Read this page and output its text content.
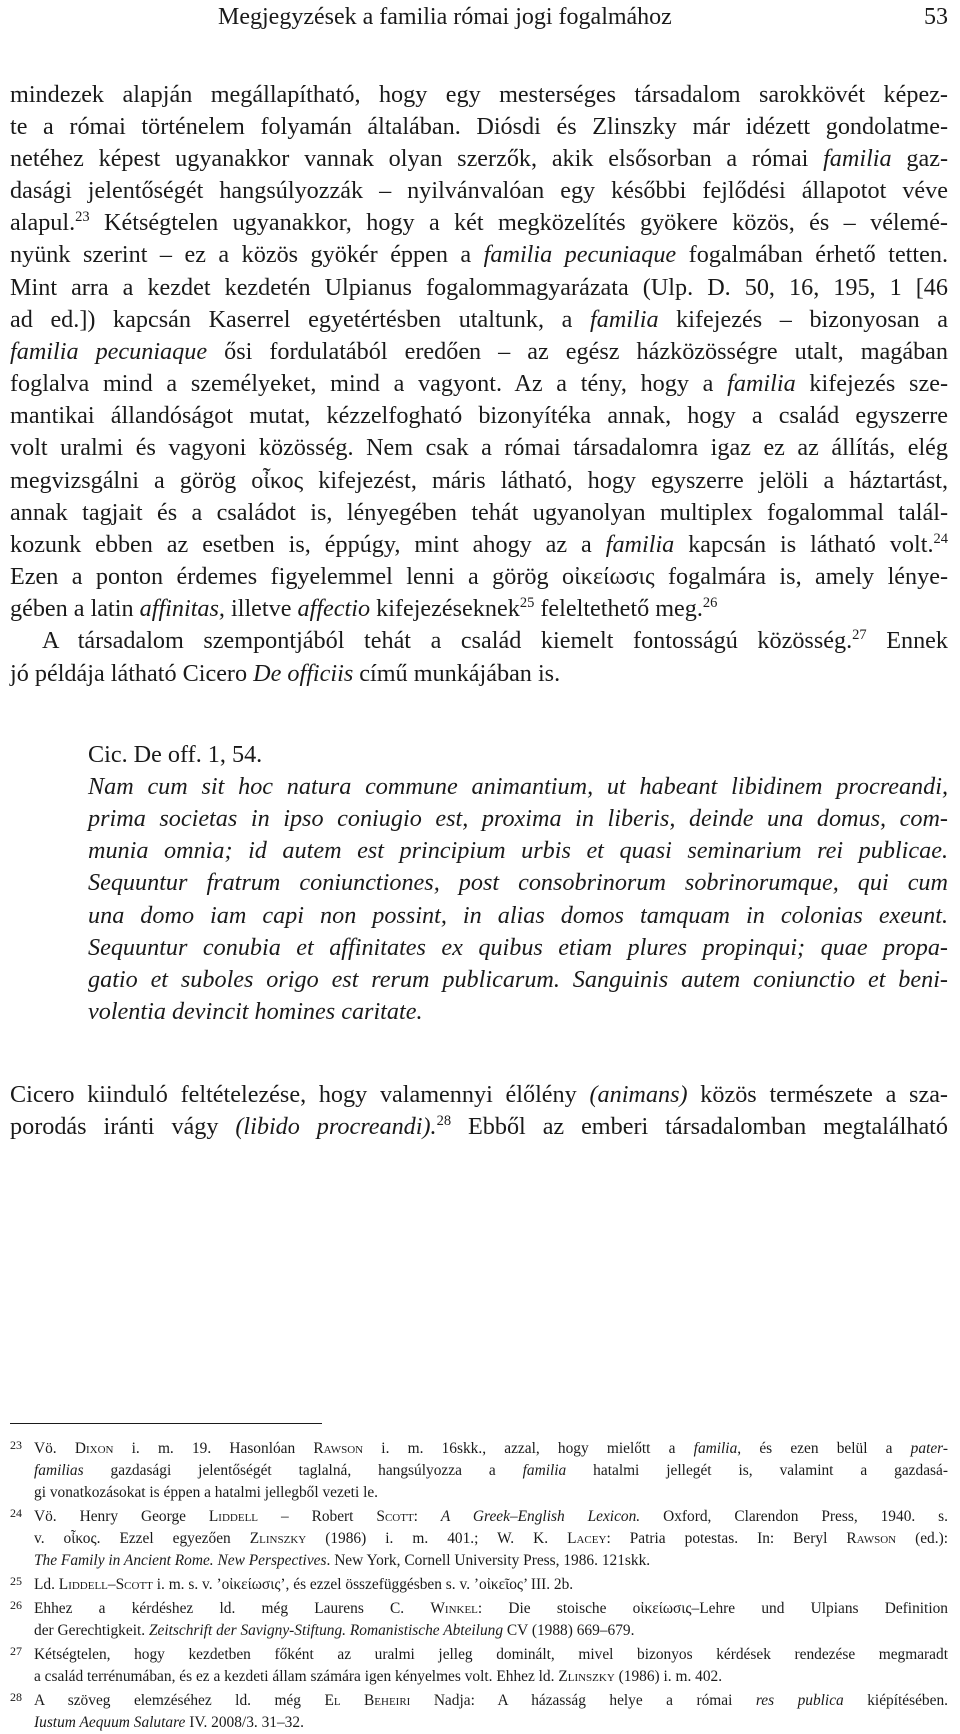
Megjegyzések a familia római jogi fogalmához	53
mindezek alapján megállapítható, hogy egy mesterséges társadalom sarokkövét képez-
te a római történelem folyamán általában. Diósdi és Zlinszky már idézett gondolatme-
netéhez képest ugyanakkor vannak olyan szerzők, akik elsősorban a római familia gaz-
dasági jelentőségét hangsúlyozzák – nyilvánvalóan egy későbbi fejlődési állapotot véve
alapul.$^{23}$ Kétségtelen ugyanakkor, hogy a két megközelítés gyökere közös, és – vélemé-
nyünk szerint – ez a közös gyökér éppen a familia pecuniaque fogalmában érhető tetten.
Mint arra a kezdet kezdetén Ulpianus fogalommagyarázata (Ulp. D. 50, 16, 195, 1 [46
ad ed.]) kapcsán Kaserrel egyetértésben utaltunk, a familia kifejezés – bizonyosan a
familia pecuniaque ősi fordulatából eredően – az egész házközösségre utalt, magában
foglalva mind a személyeket, mind a vagyont. Az a tény, hogy a familia kifejezés sze-
mantikai állandóságot mutat, kézzelfogható bizonyítéka annak, hogy a család egyszerre
volt uralmi és vagyoni közösség. Nem csak a római társadalomra igaz ez az állítás, elég
megvizsgálni a görög οἶκος kifejezést, máris látható, hogy egyszerre jelöli a háztartást,
annak tagjait és a családot is, lényegében tehát ugyanolyan multiplex fogalommal talál-
kozunk ebben az esetben is, éppúgy, mint ahogy az a familia kapcsán is látható volt.$^{24}$
Ezen a ponton érdemes figyelemmel lenni a görög οἰκείωσις fogalmára is, amely lénye-
gében a latin affinitas, illetve affectio kifejezéseknek$^{25}$ feleltethető meg.$^{26}$
A társadalom szempontjából tehát a család kiemelt fontosságú közösség.$^{27}$ Ennek
jó példája látható Cicero De officiis című munkájában is.
Cic. De off. 1, 54.
Nam cum sit hoc natura commune animantium, ut habeant libidinem procreandi,
prima societas in ipso coniugio est, proxima in liberis, deinde una domus, com-
munia omnia; id autem est principium urbis et quasi seminarium rei publicae.
Sequuntur fratrum coniunctiones, post consobrinorum sobrinorumque, qui cum
una domo iam capi non possint, in alias domos tamquam in colonias exeunt.
Sequuntur conubia et affinitates ex quibus etiam plures propinqui; quae propa-
gatio et suboles origo est rerum publicarum. Sanguinis autem coniunctio et beni-
volentia devincit homines caritate.
Cicero kiinduló feltételezése, hogy valamennyi élőlény (animans) közös természete a sza-
porodás iránti vágy (libido procreandi).$^{28}$ Ebből az emberi társadalomban megtalálható
23 Vö. Dixon i. m. 19. Hasonlóan Rawson i. m. 16skk., azzal, hogy mielőtt a familia, és ezen belül a pater-
familias gazdasági jelentőségét taglalná, hangsúlyozza a familia hatalmi jellegét is, valamint a gazdasá-
gi vonatkozásokat is éppen a hatalmi jellegből vezeti le.
24 Vö. Henry George Liddell – Robert Scott: A Greek–English Lexicon. Oxford, Clarendon Press, 1940. s.
v. οἶκος. Ezzel egyezően Zlinszky (1986) i. m. 401.; W. K. Lacey: Patria potestas. In: Beryl Rawson (ed.):
The Family in Ancient Rome. New Perspectives. New York, Cornell University Press, 1986. 121skk.
25 Ld. Liddell–Scott i. m. s. v. ’οἰκείωσις’, és ezzel összefüggésben s. v. ’οἰκεῖος’ III. 2b.
26 Ehhez a kérdéshez ld. még Laurens C. Winkel: Die stoische οἰκείωσις–Lehre und Ulpians Definition
der Gerechtigkeit. Zeitschrift der Savigny-Stiftung. Romanistische Abteilung CV (1988) 669–679.
27 Kétségtelen, hogy kezdetben főként az uralmi jelleg dominált, mivel bizonyos kérdések rendezése megmaradt
a család terrénumában, és ez a kezdeti állam számára igen kényelmes volt. Ehhez ld. Zlinszky (1986) i. m. 402.
28 A szöveg elemzéséhez ld. még El Beheiri Nadja: A házasság helye a római res publica kiépítésében.
Iustum Aequum Salutare IV. 2008/3. 31–32.
